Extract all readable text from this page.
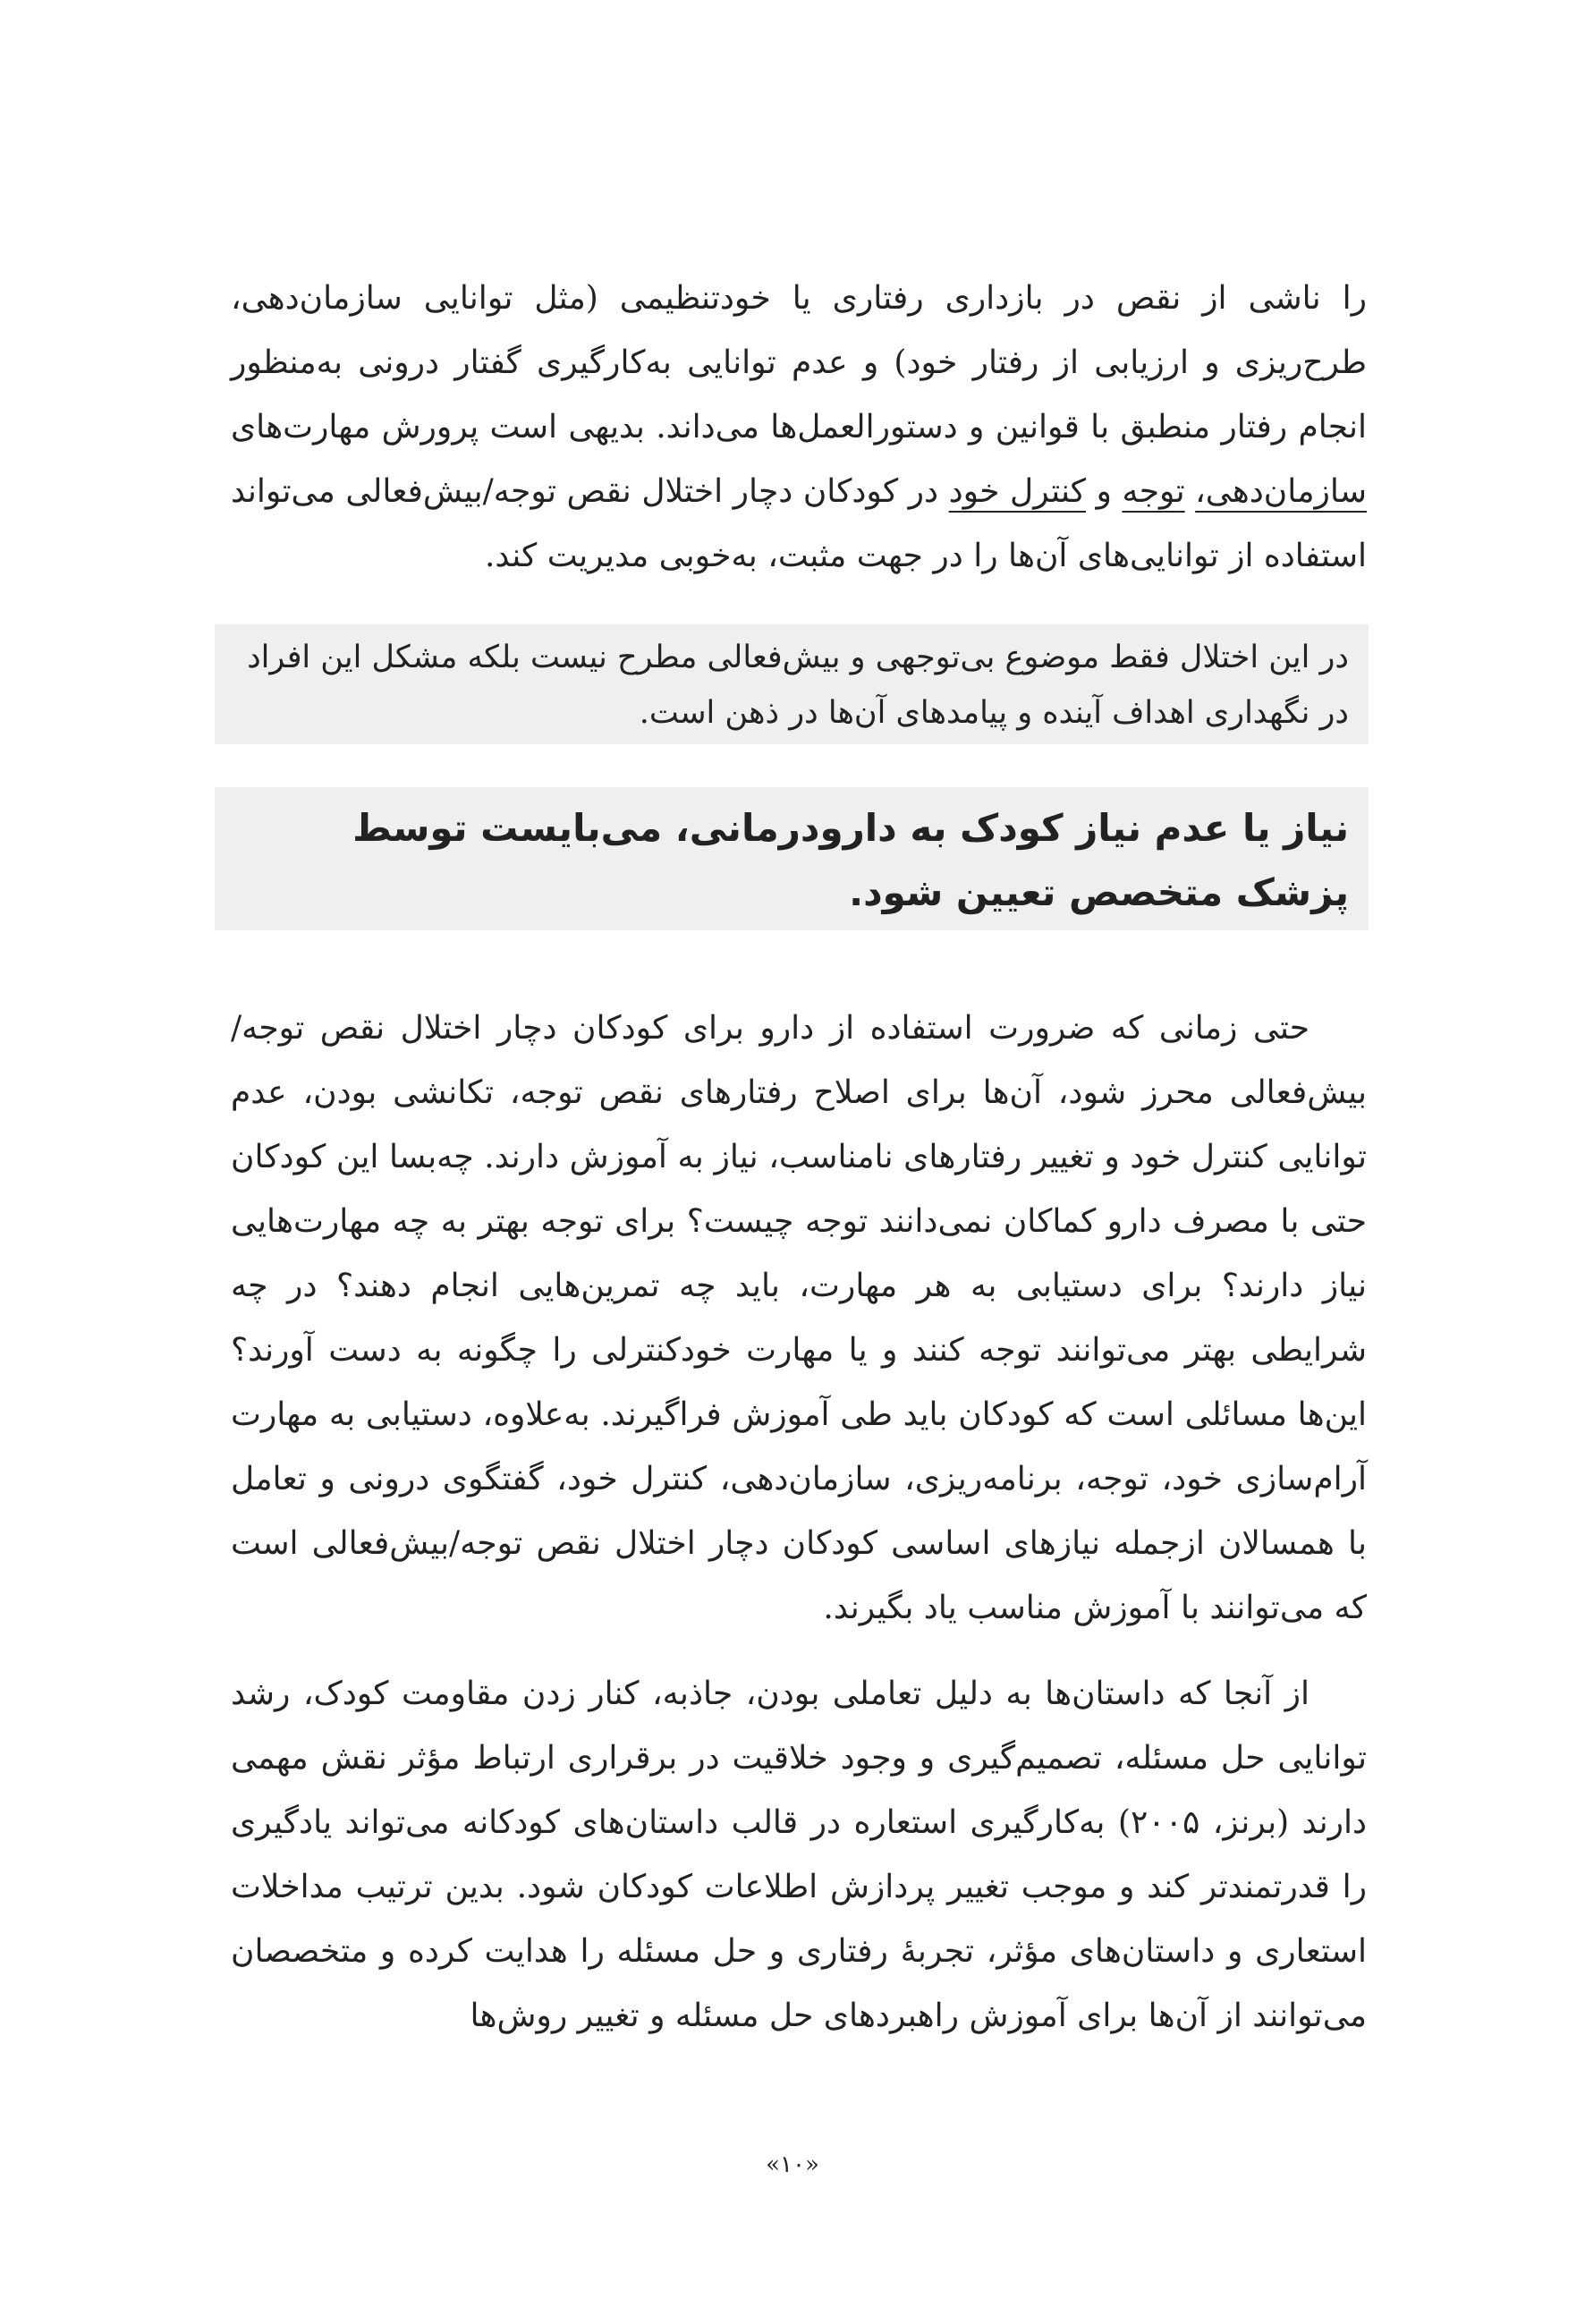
را ناشی از نقص در بازداری رفتاری یا خودتنظیمی (مثل توانایی سازمان‌دهی، طرح‌ریزی و ارزیابی از رفتار خود) و عدم توانایی به‌کارگیری گفتار درونی به‌منظور انجام رفتار منطبق با قوانین و دستورالعمل‌ها می‌داند. بدیهی است پرورش مهارت‌های سازمان‌دهی، توجه و کنترل خود در کودکان دچار اختلال نقص توجه/بیش‌فعالی می‌تواند استفاده از توانایی‌های آن‌ها را در جهت مثبت، به‌خوبی مدیریت کند.

در این اختلال فقط موضوع بی‌توجهی و بیش‌فعالی مطرح نیست بلکه مشکل این افراد در نگهداری اهداف آینده و پیامدهای آن‌ها در ذهن است.
نیاز یا عدم نیاز کودک به دارودرمانی، می‌بایست توسط پزشک متخصص تعیین شود.

حتی زمانی که ضرورت استفاده از دارو برای کودکان دچار اختلال نقص توجه/بیش‌فعالی محرز شود، آن‌ها برای اصلاح رفتارهای نقص توجه، تکانشی بودن، عدم توانایی کنترل خود و تغییر رفتارهای نامناسب، نیاز به آموزش دارند. چه‌بسا این کودکان حتی با مصرف دارو کماکان نمی‌دانند توجه چیست؟ برای توجه بهتر به چه مهارت‌هایی نیاز دارند؟ برای دستیابی به هر مهارت، باید چه تمرین‌هایی انجام دهند؟ در چه شرایطی بهتر می‌توانند توجه کنند و یا مهارت خودکنترلی را چگونه به دست آورند؟ این‌ها مسائلی است که کودکان باید طی آموزش فراگیرند. به‌علاوه، دستیابی به مهارت آرام‌سازی خود، توجه، برنامه‌ریزی، سازمان‌دهی، کنترل خود، گفتگوی درونی و تعامل با همسالان ازجمله نیازهای اساسی کودکان دچار اختلال نقص توجه/بیش‌فعالی است که می‌توانند با آموزش مناسب یاد بگیرند.

از آنجا که داستان‌ها به دلیل تعاملی بودن، جاذبه، کنار زدن مقاومت کودک، رشد توانایی حل مسئله، تصمیم‌گیری و وجود خلاقیت در برقراری ارتباط مؤثر نقش مهمی دارند (برنز، ۲۰۰۵) به‌کارگیری استعاره در قالب داستان‌های کودکانه می‌تواند یادگیری را قدرتمندتر کند و موجب تغییر پردازش اطلاعات کودکان شود. بدین ترتیب مداخلات استعاری و داستان‌های مؤثر، تجربهٔ رفتاری و حل مسئله را هدایت کرده و متخصصان می‌توانند از آن‌ها برای آموزش راهبردهای حل مسئله و تغییر روش‌ها

«۱۰»
